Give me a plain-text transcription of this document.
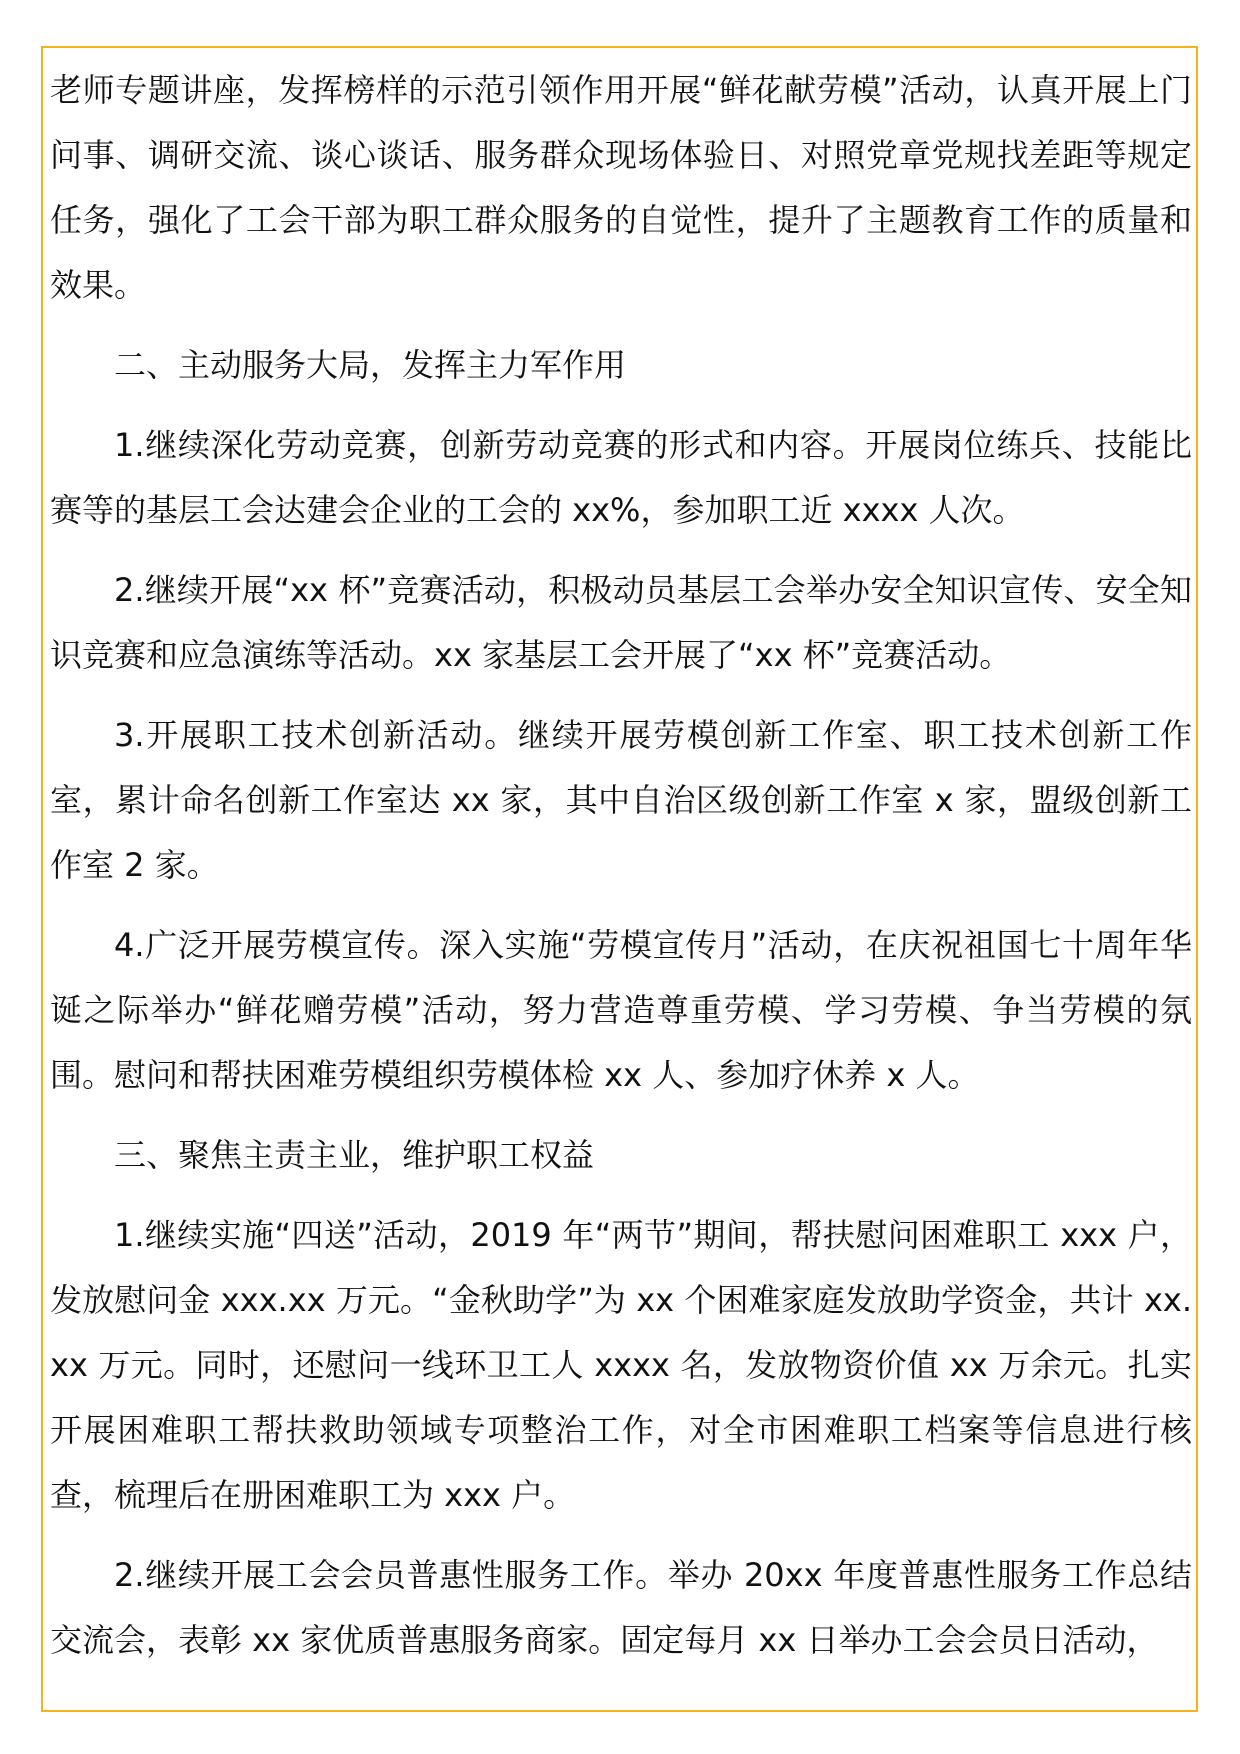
老师专题讲座，发挥榜样的示范引领作用开展“鲜花献劳模”活动，认真开展上门问事、调研交流、谈心谈话、服务群众现场体验日、对照党章党规找差距等规定任务，强化了工会干部为职工群众服务的自觉性，提升了主题教育工作的质量和效果。

二、主动服务大局，发挥主力军作用

1.继续深化劳动竞赛，创新劳动竞赛的形式和内容。开展岗位练兵、技能比赛等的基层工会达建会企业的工会的 xx%，参加职工近 xxxx 人次。

2.继续开展“xx 杯”竞赛活动，积极动员基层工会举办安全知识宣传、安全知识竞赛和应急演练等活动。xx 家基层工会开展了“xx 杯”竞赛活动。

3.开展职工技术创新活动。继续开展劳模创新工作室、职工技术创新工作室，累计命名创新工作室达 xx 家，其中自治区级创新工作室 x 家，盟级创新工作室 2 家。

4.广泛开展劳模宣传。深入实施“劳模宣传月”活动，在庆祝祖国七十周年华诞之际举办“鲜花赠劳模”活动，努力营造尊重劳模、学习劳模、争当劳模的氛围。慰问和帮扶困难劳模组织劳模体检 xx 人、参加疗休养 x 人。

三、聚焦主责主业，维护职工权益

1.继续实施“四送”活动，2019 年“两节”期间，帮扶慰问困难职工 xxx 户，发放慰问金 xxx.xx 万元。“金秋助学”为 xx 个困难家庭发放助学资金，共计 xx.xx 万元。同时，还慰问一线环卫工人 xxxx 名，发放物资价值 xx 万余元。扎实开展困难职工帮扶救助领域专项整治工作，对全市困难职工档案等信息进行核查，梳理后在册困难职工为 xxx 户。

2.继续开展工会会员普惠性服务工作。举办 20xx 年度普惠性服务工作总结交流会，表彰 xx 家优质普惠服务商家。固定每月 xx 日举办工会会员日活动，
